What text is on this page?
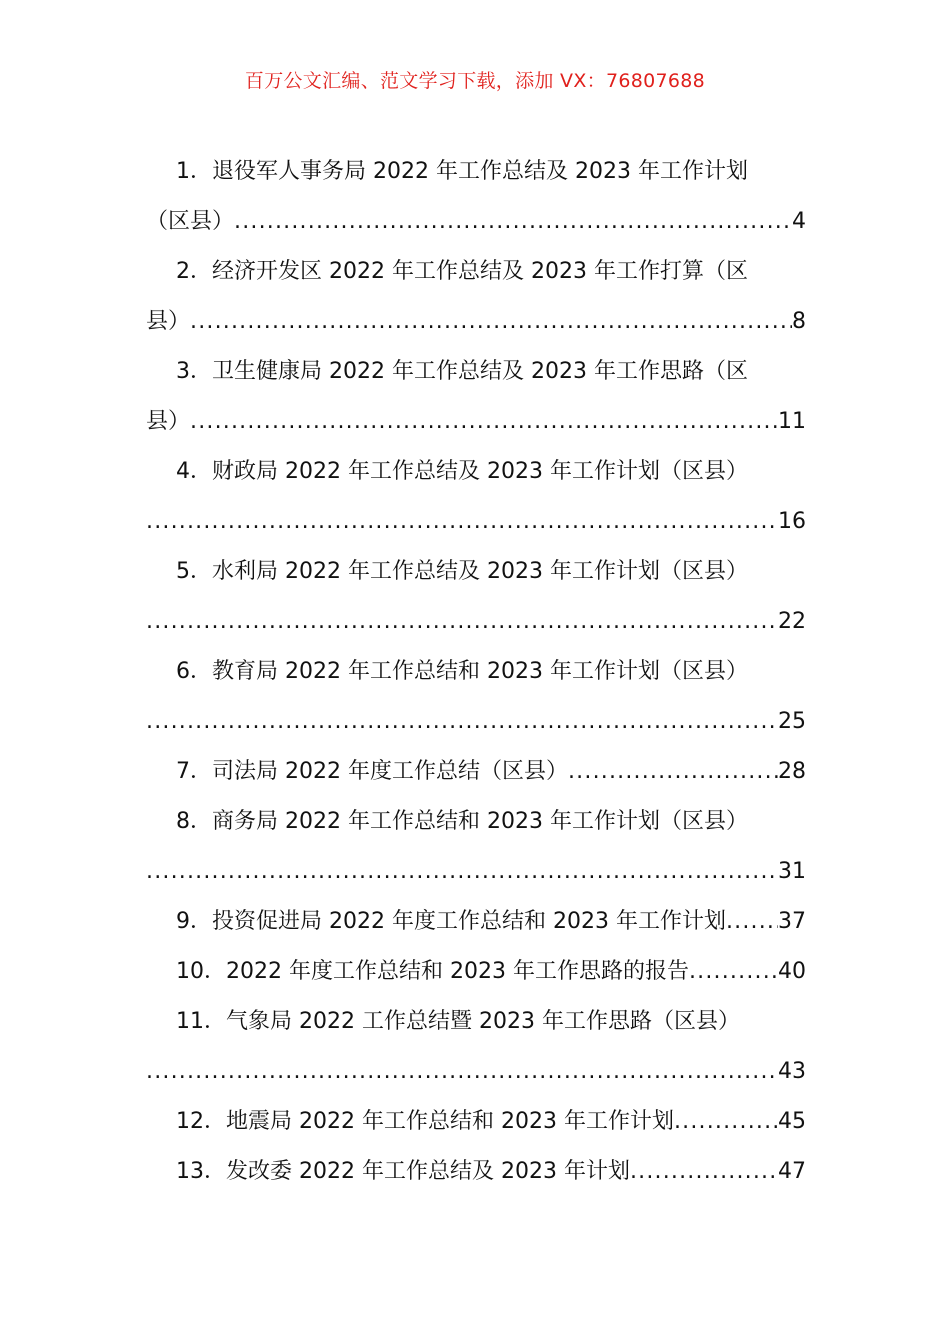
百万公文汇编、范文学习下载，添加 VX：76807688
1． 退役军人事务局 2022 年工作总结及 2023 年工作计划
（区县） .....	4
2． 经济开发区 2022 年工作总结及 2023 年工作打算（区
县） .....	8
3． 卫生健康局 2022 年工作总结及 2023 年工作思路（区
县） .....	11
4． 财政局 2022 年工作总结及 2023 年工作计划（区县）
.....
16
5． 水利局 2022 年工作总结及 2023 年工作计划（区县）
.....
22
6． 教育局 2022 年工作总结和 2023 年工作计划（区县）
.....
25
7． 司法局 2022 年度工作总结（区县） .....	28
8． 商务局 2022 年工作总结和 2023 年工作计划（区县）
.....
31
9． 投资促进局 2022 年度工作总结和 2023 年工作计划 ..... 37
10． 2022 年度工作总结和 2023 年工作思路的报告 .....	40
11． 气象局 2022 工作总结暨 2023 年工作思路（区县）
.....
43
12． 地震局 2022 年工作总结和 2023 年工作计划 .....	45
13． 发改委 2022 年工作总结及 2023 年计划 .....	47
